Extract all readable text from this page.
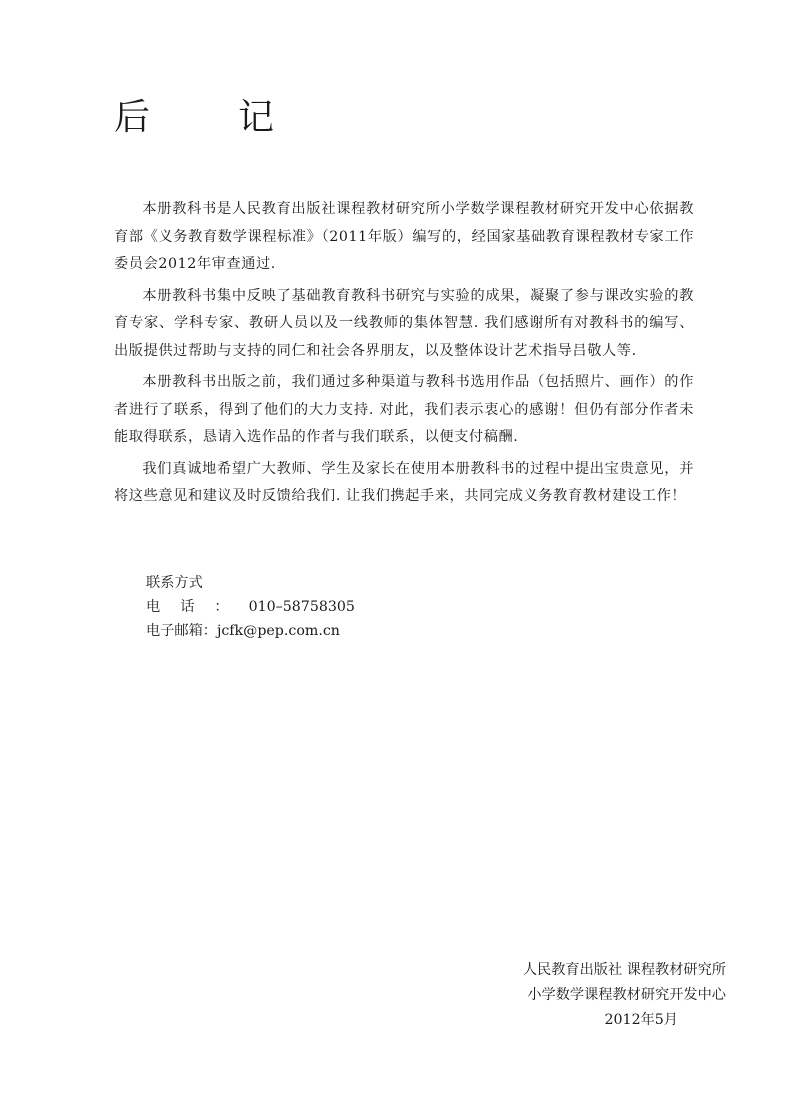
后　记

本册教科书是人民教育出版社课程教材研究所小学数学课程教材研究开发中心依据教育部《义务教育数学课程标准》（2011年版）编写的，经国家基础教育课程教材专家工作委员会2012年审查通过.

本册教科书集中反映了基础教育教科书研究与实验的成果，凝聚了参与课改实验的教育专家、学科专家、教研人员以及一线教师的集体智慧. 我们感谢所有对教科书的编写、出版提供过帮助与支持的同仁和社会各界朋友，以及整体设计艺术指导吕敬人等.

本册教科书出版之前，我们通过多种渠道与教科书选用作品（包括照片、画作）的作者进行了联系，得到了他们的大力支持. 对此，我们表示衷心的感谢！但仍有部分作者未能取得联系，恳请入选作品的作者与我们联系，以便支付稿酬.

我们真诚地希望广大教师、学生及家长在使用本册教科书的过程中提出宝贵意见，并将这些意见和建议及时反馈给我们. 让我们携起手来，共同完成义务教育教材建设工作！

联系方式
电话：010–58758305
电子邮箱：jcfk@pep.com.cn
人民教育出版社 课程教材研究所
小学数学课程教材研究开发中心
2012年5月
